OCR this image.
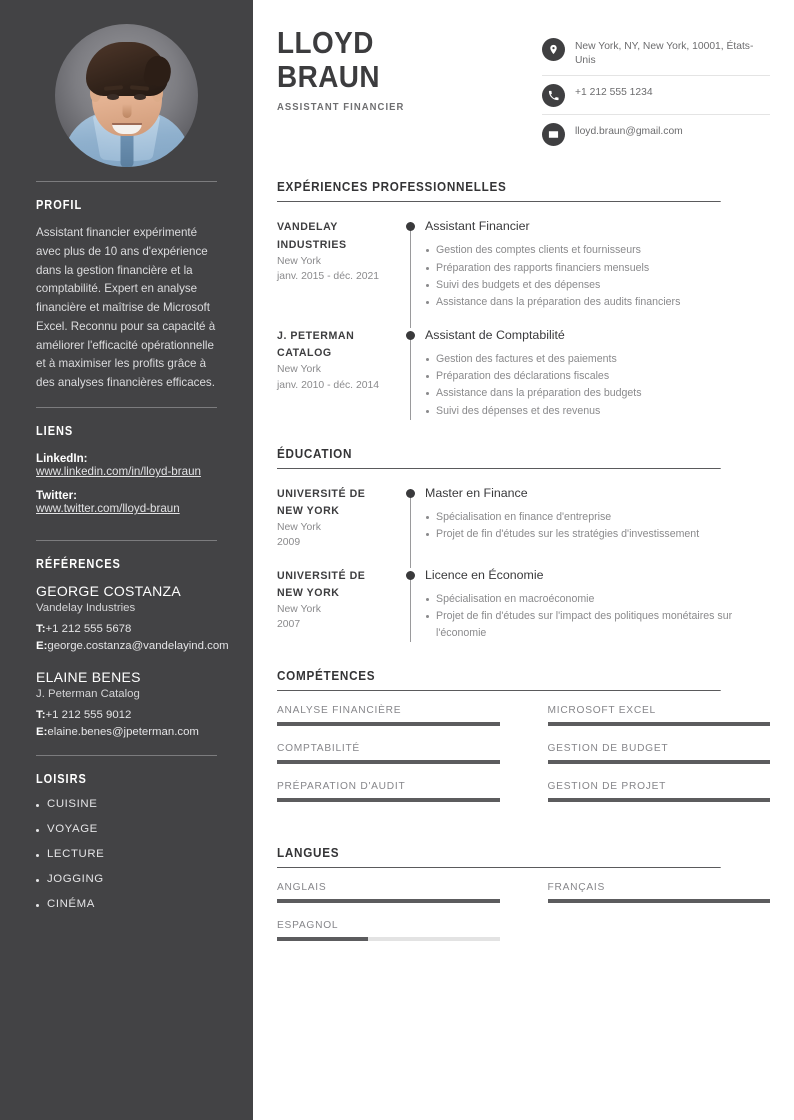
PROFIL
Assistant financier expérimenté avec plus de 10 ans d'expérience dans la gestion financière et la comptabilité. Expert en analyse financière et maîtrise de Microsoft Excel. Reconnu pour sa capacité à améliorer l'efficacité opérationnelle et à maximiser les profits grâce à des analyses financières efficaces.
LIENS
LinkedIn:
www.linkedin.com/in/lloyd-braun
Twitter:
www.twitter.com/lloyd-braun
RÉFÉRENCES
GEORGE COSTANZA
Vandelay Industries
T:+1 212 555 5678
E:george.costanza@vandelayind.com
ELAINE BENES
J. Peterman Catalog
T:+1 212 555 9012
E:elaine.benes@jpeterman.com
LOISIRS
CUISINE
VOYAGE
LECTURE
JOGGING
CINÉMA
LLOYD
BRAUN
ASSISTANT FINANCIER
New York, NY, New York, 10001, États-Unis
+1 212 555 1234
lloyd.braun@gmail.com
EXPÉRIENCES PROFESSIONNELLES
VANDELAY INDUSTRIES
New York
janv. 2015 - déc. 2021
Assistant Financier
Gestion des comptes clients et fournisseurs
Préparation des rapports financiers mensuels
Suivi des budgets et des dépenses
Assistance dans la préparation des audits financiers
J. PETERMAN CATALOG
New York
janv. 2010 - déc. 2014
Assistant de Comptabilité
Gestion des factures et des paiements
Préparation des déclarations fiscales
Assistance dans la préparation des budgets
Suivi des dépenses et des revenus
ÉDUCATION
UNIVERSITÉ DE NEW YORK
New York
2009
Master en Finance
Spécialisation en finance d'entreprise
Projet de fin d'études sur les stratégies d'investissement
UNIVERSITÉ DE NEW YORK
New York
2007
Licence en Économie
Spécialisation en macroéconomie
Projet de fin d'études sur l'impact des politiques monétaires sur l'économie
COMPÉTENCES
ANALYSE FINANCIÈRE	MICROSOFT EXCEL
COMPTABILITÉ	GESTION DE BUDGET
PRÉPARATION D'AUDIT	GESTION DE PROJET
LANGUES
ANGLAIS	FRANÇAIS
ESPAGNOL
